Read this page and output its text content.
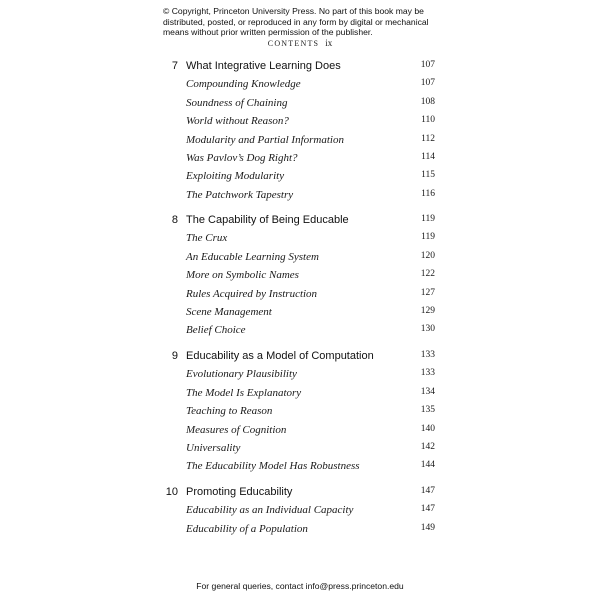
© Copyright, Princeton University Press. No part of this book may be distributed, posted, or reproduced in any form by digital or mechanical means without prior written permission of the publisher.
CONTENTS ix
7 What Integrative Learning Does	107
Compounding Knowledge	107
Soundness of Chaining	108
World without Reason?	110
Modularity and Partial Information	112
Was Pavlov’s Dog Right?	114
Exploiting Modularity	115
The Patchwork Tapestry	116
8 The Capability of Being Educable	119
The Crux	119
An Educable Learning System	120
More on Symbolic Names	122
Rules Acquired by Instruction	127
Scene Management	129
Belief Choice	130
9 Educability as a Model of Computation	133
Evolutionary Plausibility	133
The Model Is Explanatory	134
Teaching to Reason	135
Measures of Cognition	140
Universality	142
The Educability Model Has Robustness	144
10 Promoting Educability	147
Educability as an Individual Capacity	147
Educability of a Population	149
For general queries, contact info@press.princeton.edu
